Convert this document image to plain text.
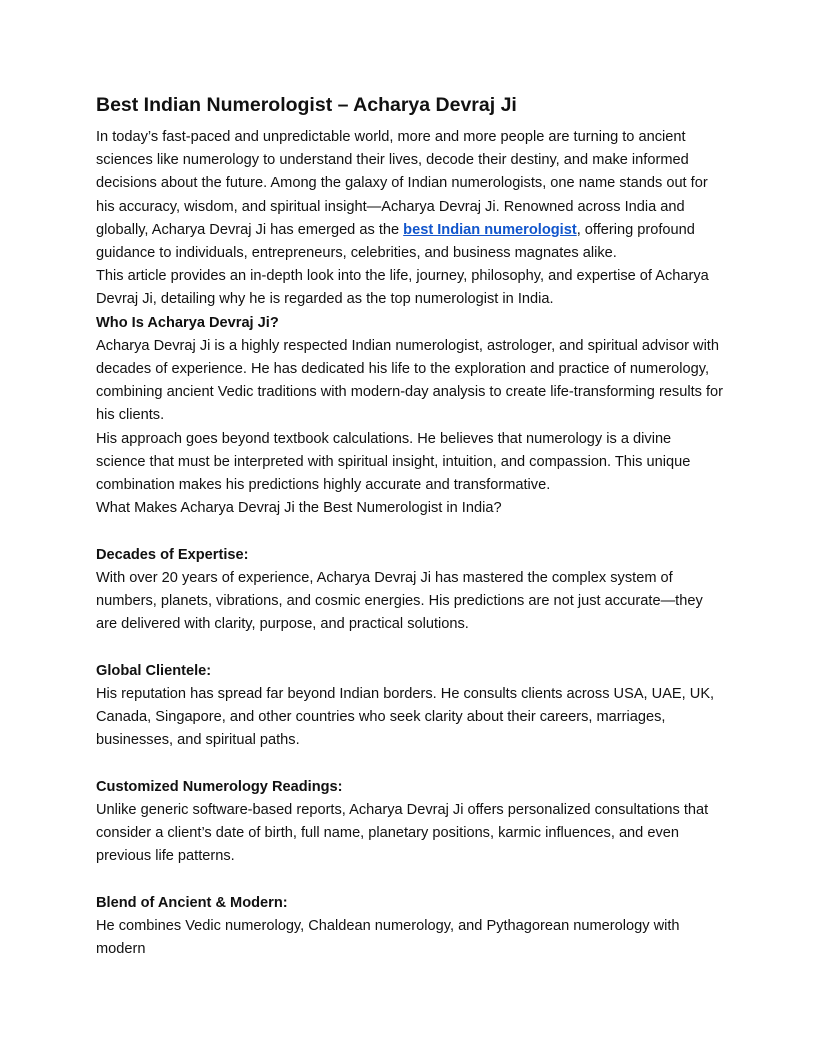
Best Indian Numerologist – Acharya Devraj Ji

In today’s fast-paced and unpredictable world, more and more people are turning to ancient sciences like numerology to understand their lives, decode their destiny, and make informed decisions about the future. Among the galaxy of Indian numerologists, one name stands out for his accuracy, wisdom, and spiritual insight—Acharya Devraj Ji. Renowned across India and globally, Acharya Devraj Ji has emerged as the best Indian numerologist, offering profound guidance to individuals, entrepreneurs, celebrities, and business magnates alike.

This article provides an in-depth look into the life, journey, philosophy, and expertise of Acharya Devraj Ji, detailing why he is regarded as the top numerologist in India.

Who Is Acharya Devraj Ji?

Acharya Devraj Ji is a highly respected Indian numerologist, astrologer, and spiritual advisor with decades of experience. He has dedicated his life to the exploration and practice of numerology, combining ancient Vedic traditions with modern-day analysis to create life-transforming results for his clients.

His approach goes beyond textbook calculations. He believes that numerology is a divine science that must be interpreted with spiritual insight, intuition, and compassion. This unique combination makes his predictions highly accurate and transformative.

What Makes Acharya Devraj Ji the Best Numerologist in India?

Decades of Expertise:

With over 20 years of experience, Acharya Devraj Ji has mastered the complex system of numbers, planets, vibrations, and cosmic energies. His predictions are not just accurate—they are delivered with clarity, purpose, and practical solutions.

Global Clientele:

His reputation has spread far beyond Indian borders. He consults clients across USA, UAE, UK, Canada, Singapore, and other countries who seek clarity about their careers, marriages, businesses, and spiritual paths.

Customized Numerology Readings:

Unlike generic software-based reports, Acharya Devraj Ji offers personalized consultations that consider a client’s date of birth, full name, planetary positions, karmic influences, and even previous life patterns.

Blend of Ancient & Modern:

He combines Vedic numerology, Chaldean numerology, and Pythagorean numerology with modern
